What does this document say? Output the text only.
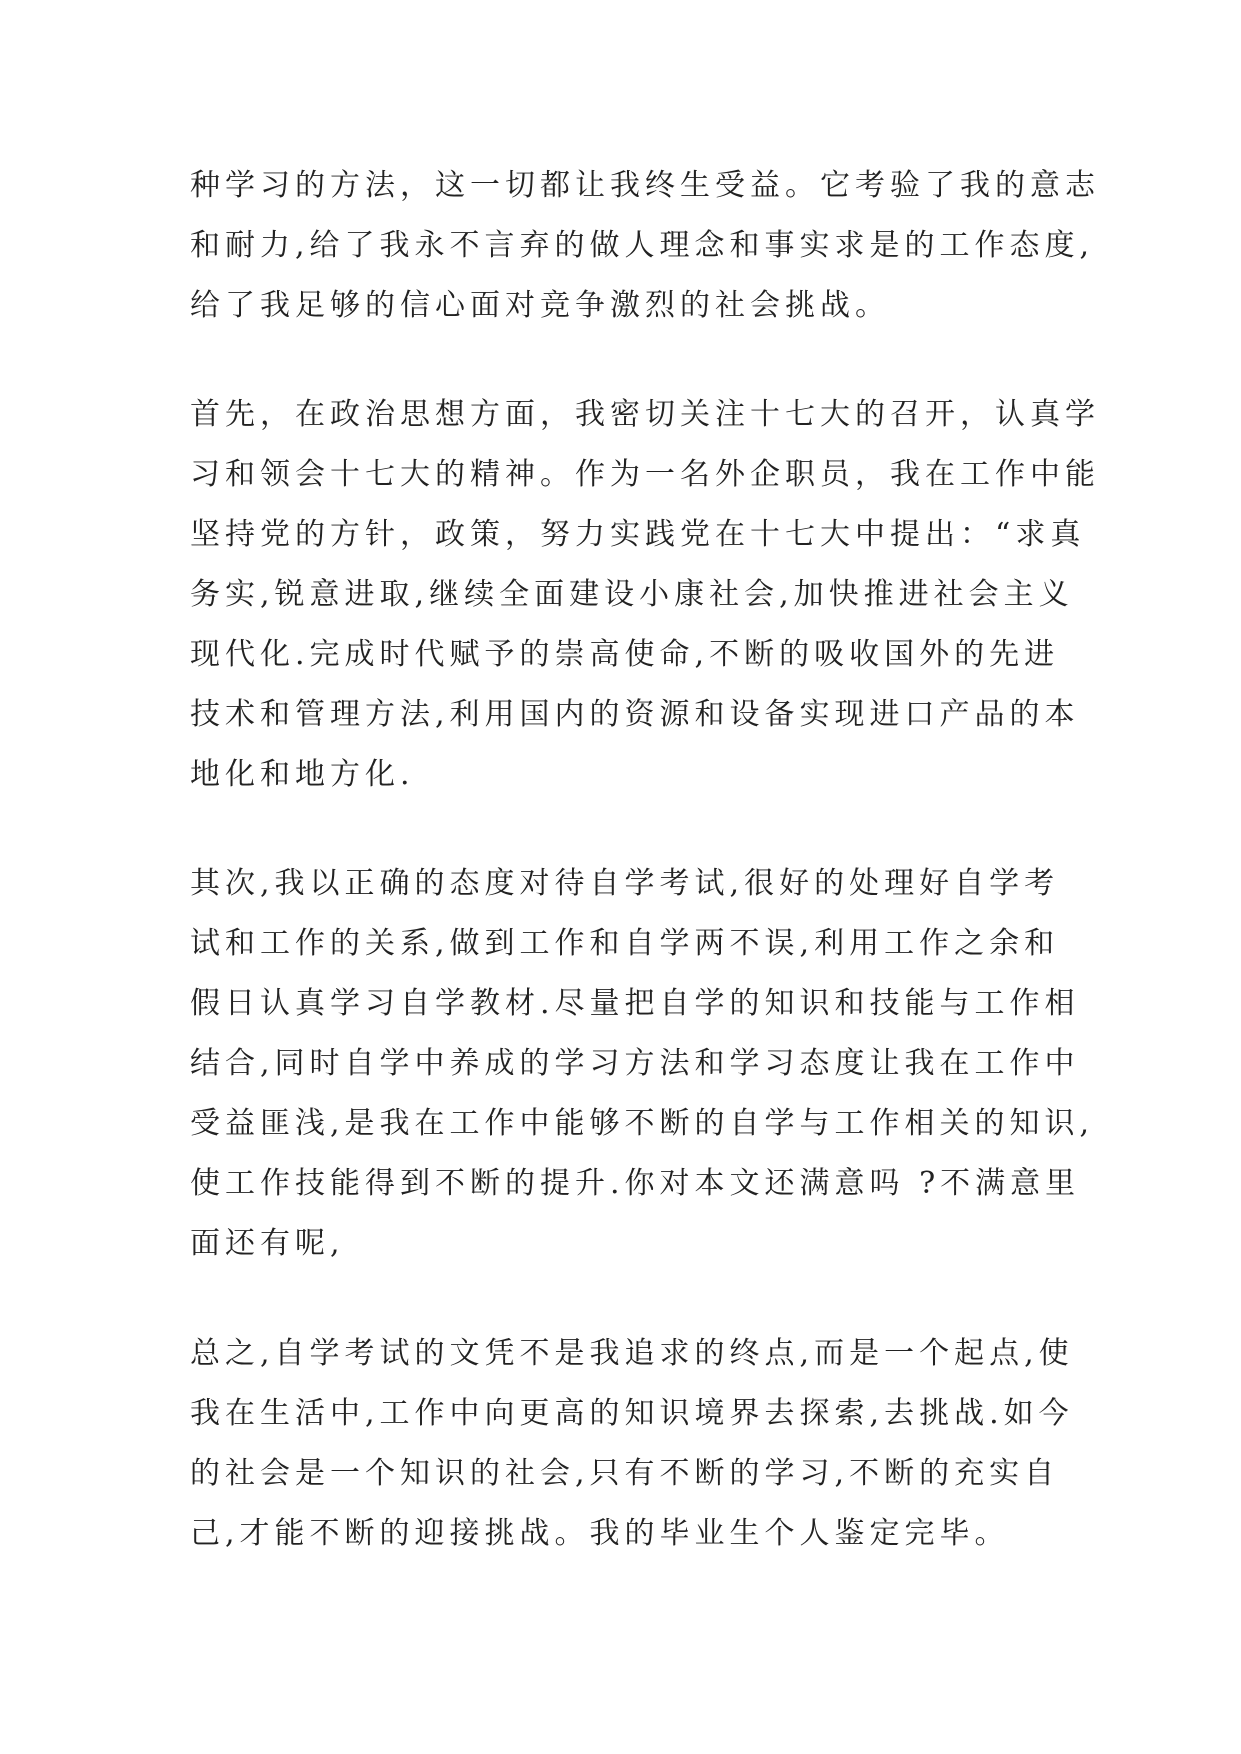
种学习的方法，这一切都让我终生受益。它考验了我的意志

和耐力,给了我永不言弃的做人理念和事实求是的工作态度,

给了我足够的信心面对竞争激烈的社会挑战。

首先，在政治思想方面，我密切关注十七大的召开，认真学

习和领会十七大的精神。作为一名外企职员，我在工作中能

坚持党的方针，政策，努力实践党在十七大中提出：“求真

务实,锐意进取,继续全面建设小康社会,加快推进社会主义

现代化.完成时代赋予的崇高使命,不断的吸收国外的先进

技术和管理方法,利用国内的资源和设备实现进口产品的本

地化和地方化.

其次,我以正确的态度对待自学考试,很好的处理好自学考

试和工作的关系,做到工作和自学两不误,利用工作之余和

假日认真学习自学教材.尽量把自学的知识和技能与工作相

结合,同时自学中养成的学习方法和学习态度让我在工作中

受益匪浅,是我在工作中能够不断的自学与工作相关的知识,

使工作技能得到不断的提升.你对本文还满意吗 ?不满意里

面还有呢,

总之,自学考试的文凭不是我追求的终点,而是一个起点,使

我在生活中,工作中向更高的知识境界去探索,去挑战.如今

的社会是一个知识的社会,只有不断的学习,不断的充实自

己,才能不断的迎接挑战。我的毕业生个人鉴定完毕。
